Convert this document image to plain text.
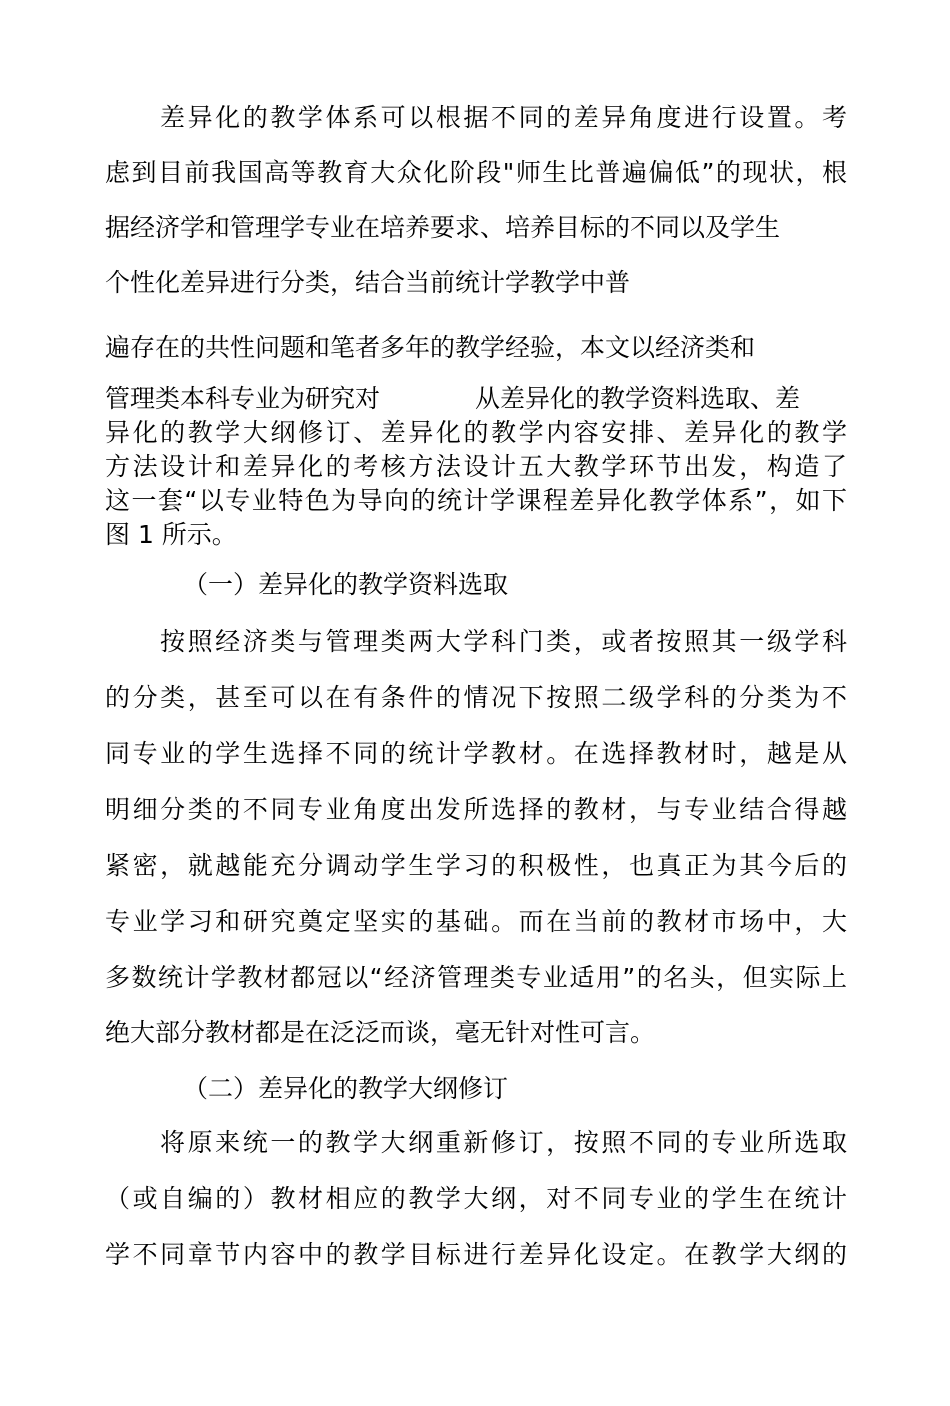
差异化的教学体系可以根据不同的差异角度进行设置。考
虑到目前我国高等教育大众化阶段"师生比普遍偏低”的现状，根
据经济学和管理学专业在培养要求、培养目标的不同以及学生
个性化差异进行分类，结合当前统计学教学中普
遍存在的共性问题和笔者多年的教学经验，本文以经济类和
管理类本科专业为研究对	从差异化的教学资料选取、差
异化的教学大纲修订、差异化的教学内容安排、差异化的教学
方法设计和差异化的考核方法设计五大教学环节出发，构造了
这一套“以专业特色为导向的统计学课程差异化教学体系”，如下
图 1 所示。
（一）差异化的教学资料选取
按照经济类与管理类两大学科门类，或者按照其一级学科
的分类，甚至可以在有条件的情况下按照二级学科的分类为不
同专业的学生选择不同的统计学教材。在选择教材时，越是从
明细分类的不同专业角度出发所选择的教材，与专业结合得越
紧密，就越能充分调动学生学习的积极性，也真正为其今后的
专业学习和研究奠定坚实的基础。而在当前的教材市场中，大
多数统计学教材都冠以“经济管理类专业适用”的名头，但实际上
绝大部分教材都是在泛泛而谈，毫无针对性可言。
（二）差异化的教学大纲修订
将原来统一的教学大纲重新修订，按照不同的专业所选取
（或自编的）教材相应的教学大纲，对不同专业的学生在统计
学不同章节内容中的教学目标进行差异化设定。在教学大纲的
